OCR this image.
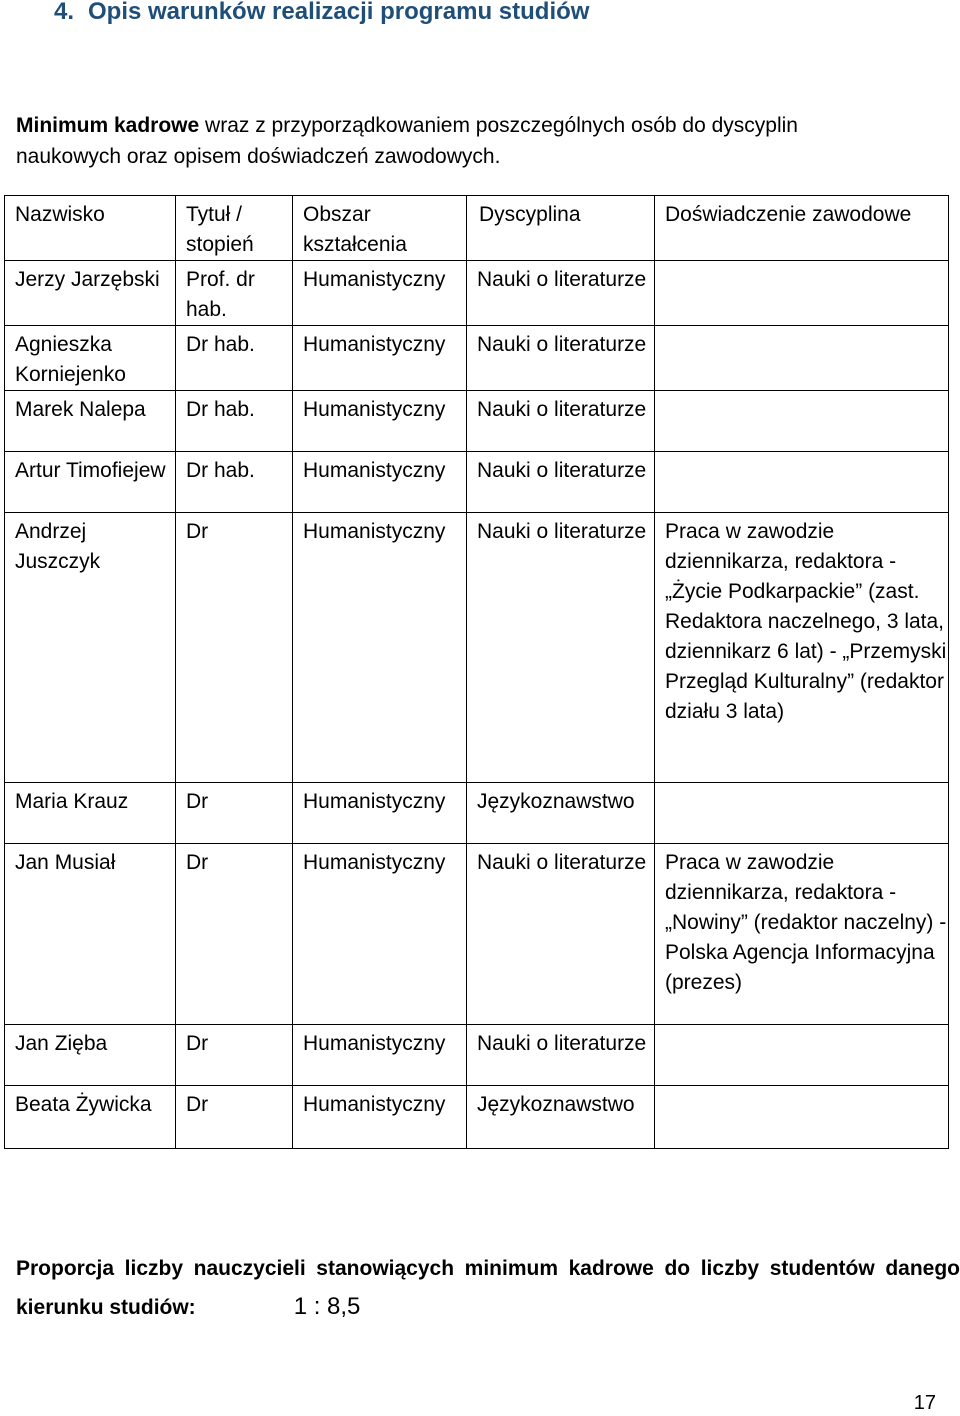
4. Opis warunków realizacji programu studiów
Minimum kadrowe wraz z przyporządkowaniem poszczególnych osób do dyscyplin
naukowych oraz opisem doświadczeń zawodowych.
Nazwisko	Tytuł / stopień	Obszar kształcenia	Dyscyplina	Doświadczenie zawodowe
Jerzy Jarzębski	Prof. dr hab.	Humanistyczny	Nauki o literaturze	
Agnieszka Korniejenko	Dr hab.	Humanistyczny	Nauki o literaturze	
Marek Nalepa	Dr hab.	Humanistyczny	Nauki o literaturze	
Artur Timofiejew	Dr hab.	Humanistyczny	Nauki o literaturze	
Andrzej Juszczyk	Dr	Humanistyczny	Nauki o literaturze	Praca w zawodzie dziennikarza, redaktora - „Życie Podkarpackie” (zast. Redaktora naczelnego, 3 lata, dziennikarz 6 lat) - „Przemyski Przegląd Kulturalny” (redaktor działu 3 lata)
Maria Krauz	Dr	Humanistyczny	Językoznawstwo	
Jan Musiał	Dr	Humanistyczny	Nauki o literaturze	Praca w zawodzie dziennikarza, redaktora - „Nowiny” (redaktor naczelny) - Polska Agencja Informacyjna (prezes)
Jan Zięba	Dr	Humanistyczny	Nauki o literaturze	
Beata Żywicka	Dr	Humanistyczny	Językoznawstwo	
Proporcja liczby nauczycieli stanowiących minimum kadrowe do liczby studentów danego
kierunku studiów:	1 : 8,5
17
